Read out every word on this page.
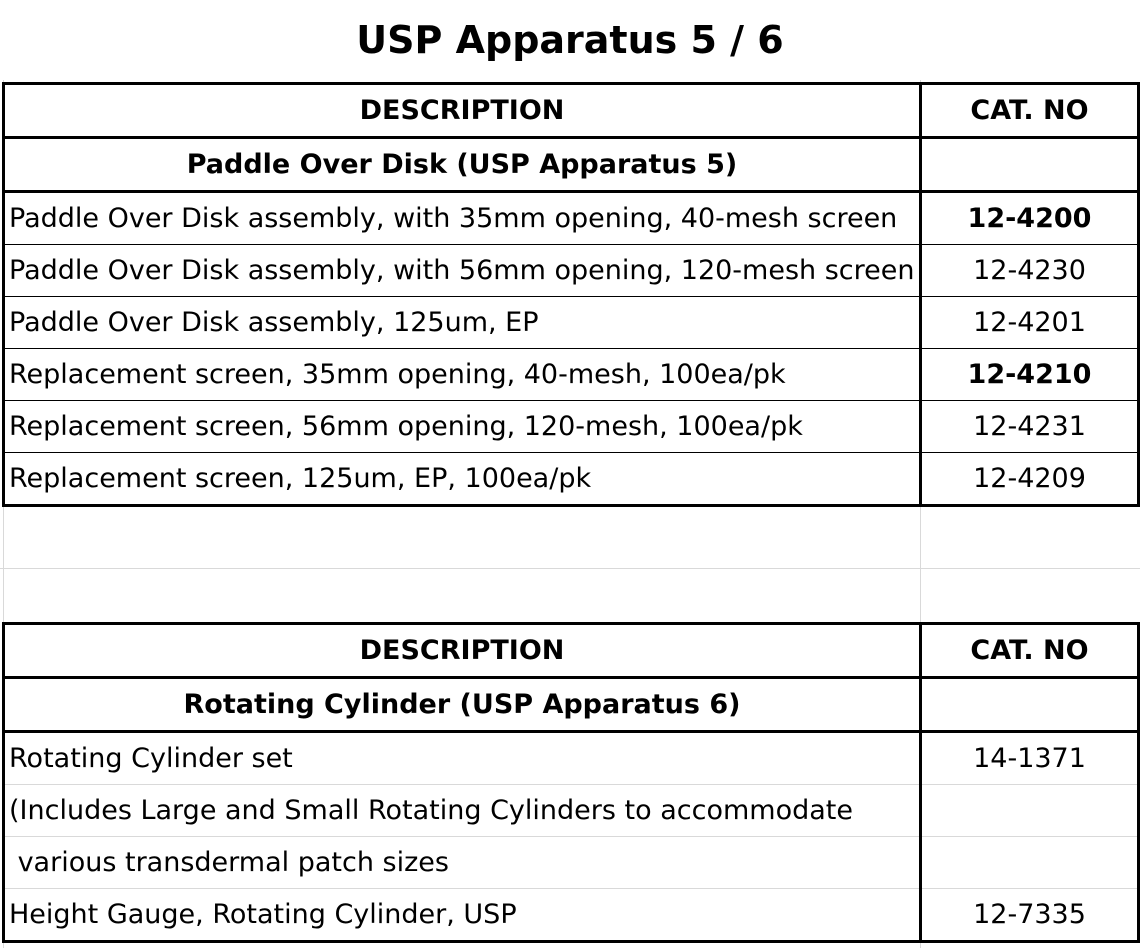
USP Apparatus 5 / 6
DESCRIPTION	CAT. NO
Paddle Over Disk (USP Apparatus 5)	
Paddle Over Disk assembly, with 35mm opening, 40-mesh screen	12-4200
Paddle Over Disk assembly, with 56mm opening, 120-mesh screen	12-4230
Paddle Over Disk assembly, 125um, EP	12-4201
Replacement screen, 35mm opening, 40-mesh, 100ea/pk	12-4210
Replacement screen, 56mm opening, 120-mesh, 100ea/pk	12-4231
Replacement screen, 125um, EP, 100ea/pk	12-4209
DESCRIPTION	CAT. NO
Rotating Cylinder (USP Apparatus 6)	
Rotating Cylinder set	14-1371
(Includes Large and Small Rotating Cylinders to accommodate	
various transdermal patch sizes	
Height Gauge, Rotating Cylinder, USP	12-7335
